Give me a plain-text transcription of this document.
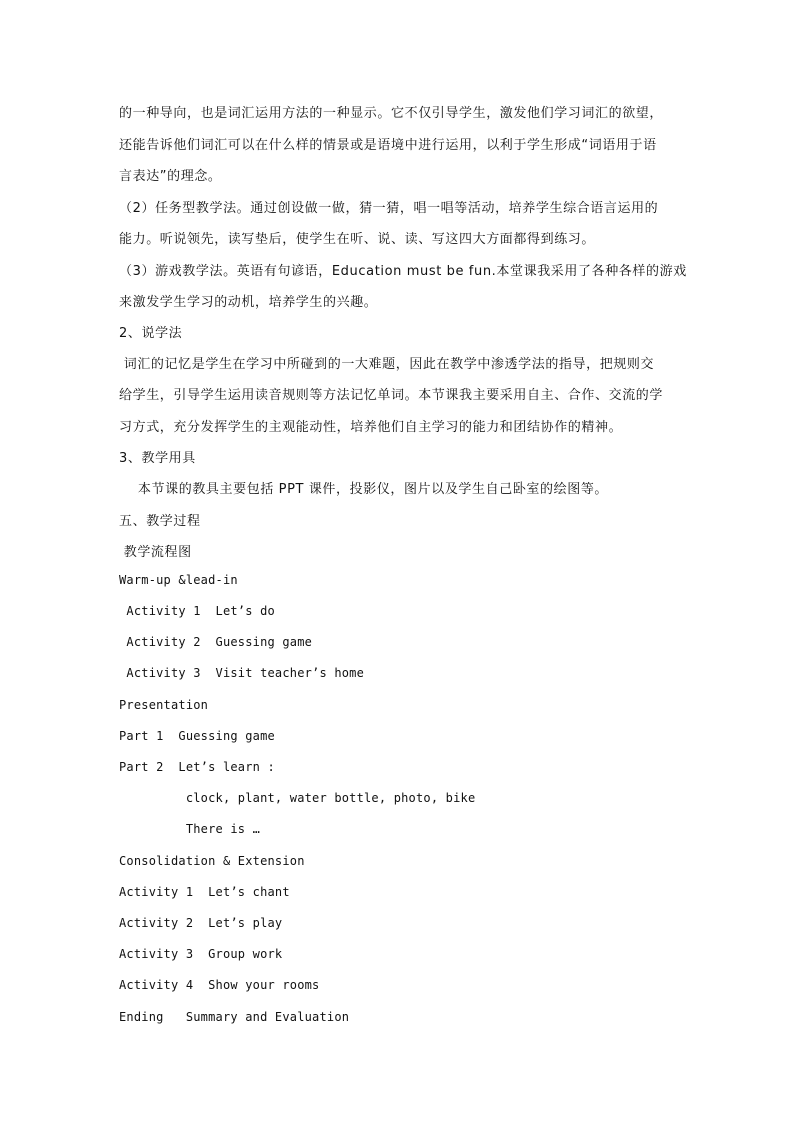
的一种导向，也是词汇运用方法的一种显示。它不仅引导学生，激发他们学习词汇的欲望，
还能告诉他们词汇可以在什么样的情景或是语境中进行运用，以利于学生形成“词语用于语
言表达”的理念。
（2）任务型教学法。通过创设做一做，猜一猜，唱一唱等活动，培养学生综合语言运用的
能力。听说领先，读写垫后，使学生在听、说、读、写这四大方面都得到练习。
（3）游戏教学法。英语有句谚语，Education must be fun.本堂课我采用了各种各样的游戏
来激发学生学习的动机，培养学生的兴趣。
2、说学法
词汇的记忆是学生在学习中所碰到的一大难题，因此在教学中渗透学法的指导，把规则交
给学生，引导学生运用读音规则等方法记忆单词。本节课我主要采用自主、合作、交流的学
习方式，充分发挥学生的主观能动性，培养他们自主学习的能力和团结协作的精神。
3、教学用具
本节课的教具主要包括 PPT 课件，投影仪，图片以及学生自己卧室的绘图等。
五、教学过程
教学流程图
Warm-up &lead-in
Activity 1  Let’s do
Activity 2  Guessing game
Activity 3  Visit teacher’s home
Presentation
Part 1  Guessing game
Part 2  Let’s learn :
clock, plant, water bottle, photo, bike
There is …
Consolidation & Extension
Activity 1  Let’s chant
Activity 2  Let’s play
Activity 3  Group work
Activity 4  Show your rooms
Ending   Summary and Evaluation
